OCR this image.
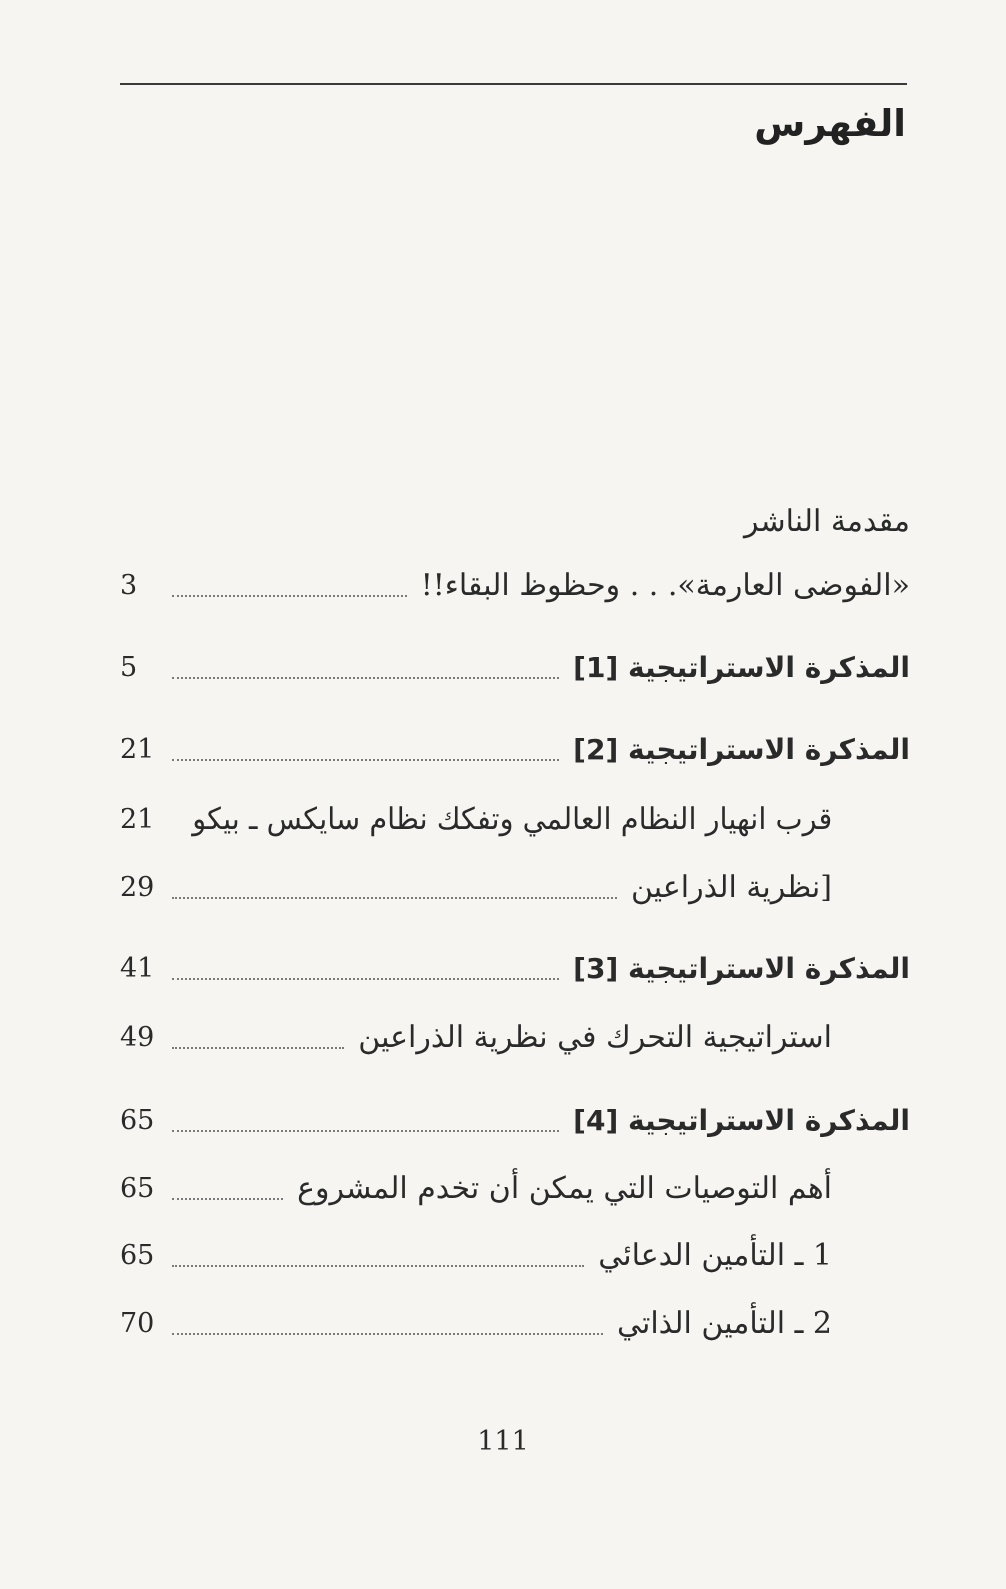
الفهرس
مقدمة الناشر
«الفوضى العارمة». . . وحظوظ البقاء!!
3
المذكرة الاستراتيجية [1]
5
المذكرة الاستراتيجية [2]
21
قرب انهيار النظام العالمي وتفكك نظام سايكس ـ بيكو
21
[نظرية الذراعين
29
المذكرة الاستراتيجية [3]
41
استراتيجية التحرك في نظرية الذراعين
49
المذكرة الاستراتيجية [4]
65
أهم التوصيات التي يمكن أن تخدم المشروع
65
1 ـ التأمين الدعائي
65
2 ـ التأمين الذاتي
70
111
